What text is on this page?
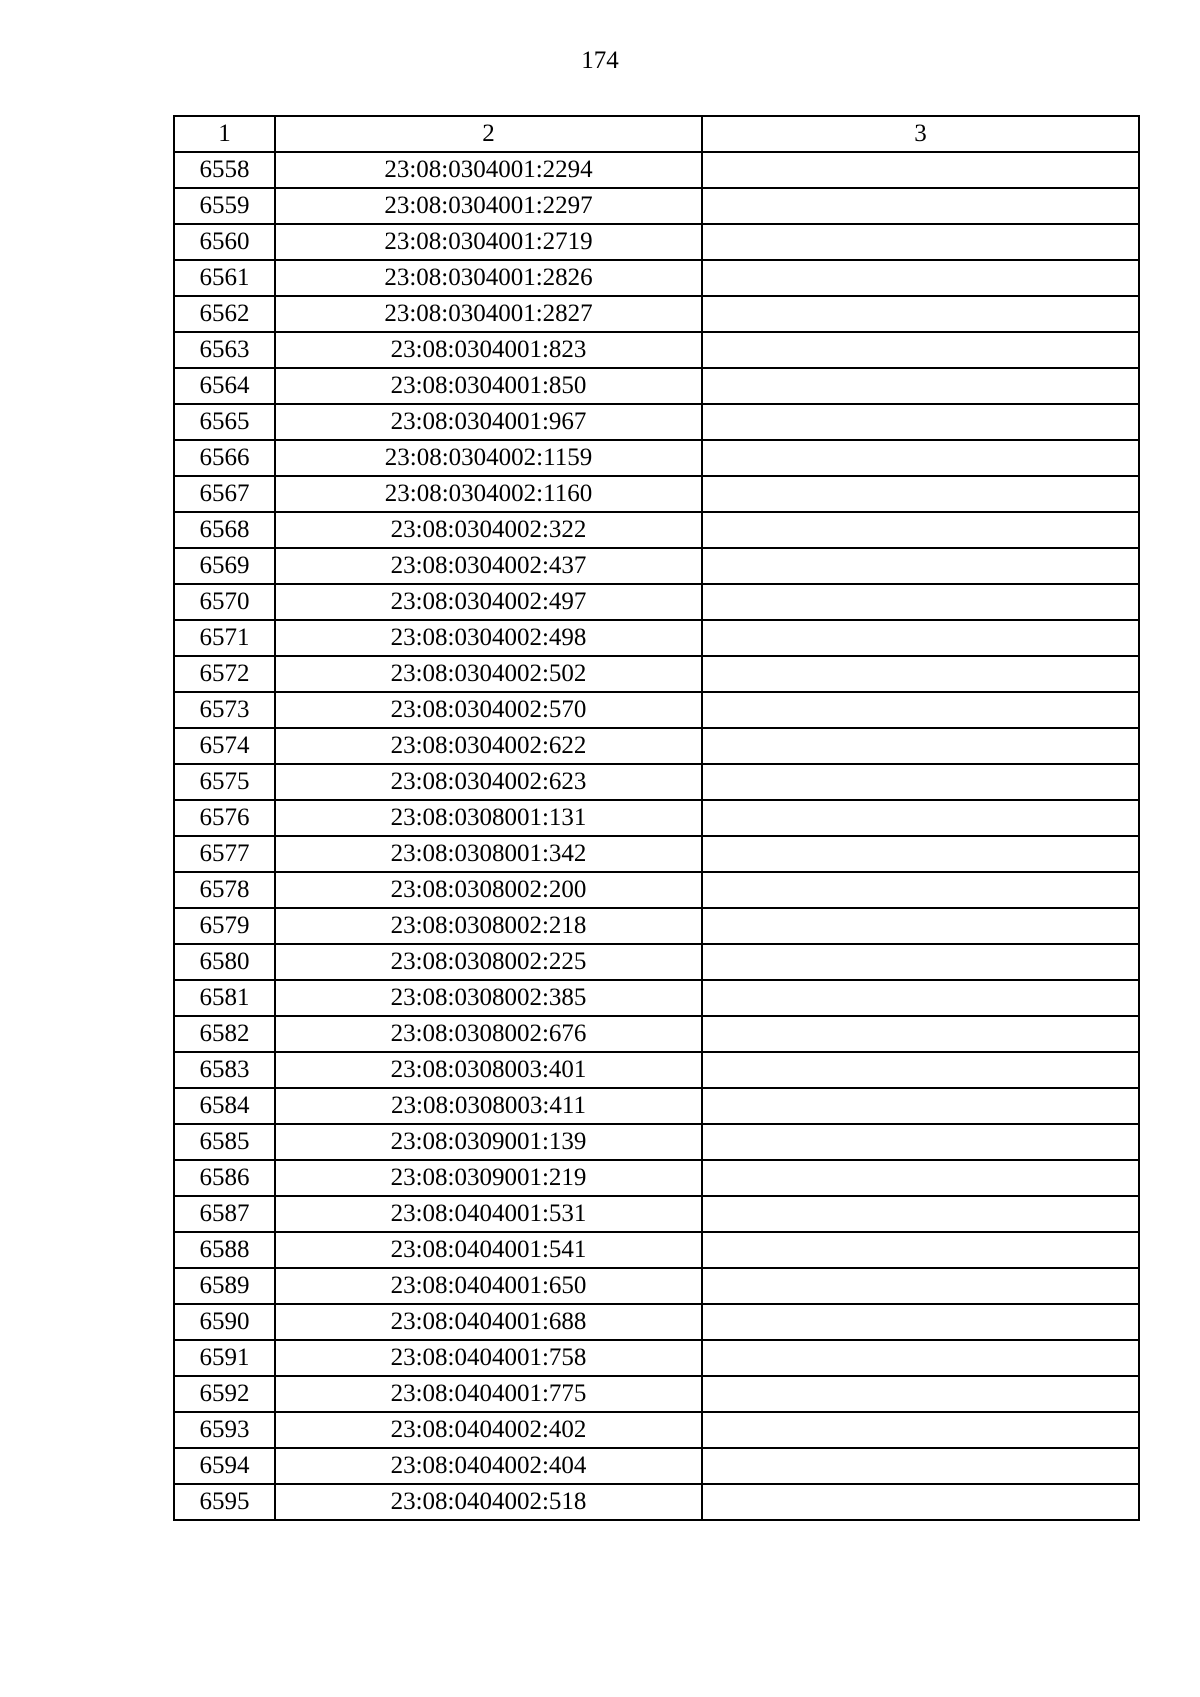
174
1	2	3
6558	23:08:0304001:2294	
6559	23:08:0304001:2297	
6560	23:08:0304001:2719	
6561	23:08:0304001:2826	
6562	23:08:0304001:2827	
6563	23:08:0304001:823	
6564	23:08:0304001:850	
6565	23:08:0304001:967	
6566	23:08:0304002:1159	
6567	23:08:0304002:1160	
6568	23:08:0304002:322	
6569	23:08:0304002:437	
6570	23:08:0304002:497	
6571	23:08:0304002:498	
6572	23:08:0304002:502	
6573	23:08:0304002:570	
6574	23:08:0304002:622	
6575	23:08:0304002:623	
6576	23:08:0308001:131	
6577	23:08:0308001:342	
6578	23:08:0308002:200	
6579	23:08:0308002:218	
6580	23:08:0308002:225	
6581	23:08:0308002:385	
6582	23:08:0308002:676	
6583	23:08:0308003:401	
6584	23:08:0308003:411	
6585	23:08:0309001:139	
6586	23:08:0309001:219	
6587	23:08:0404001:531	
6588	23:08:0404001:541	
6589	23:08:0404001:650	
6590	23:08:0404001:688	
6591	23:08:0404001:758	
6592	23:08:0404001:775	
6593	23:08:0404002:402	
6594	23:08:0404002:404	
6595	23:08:0404002:518	
